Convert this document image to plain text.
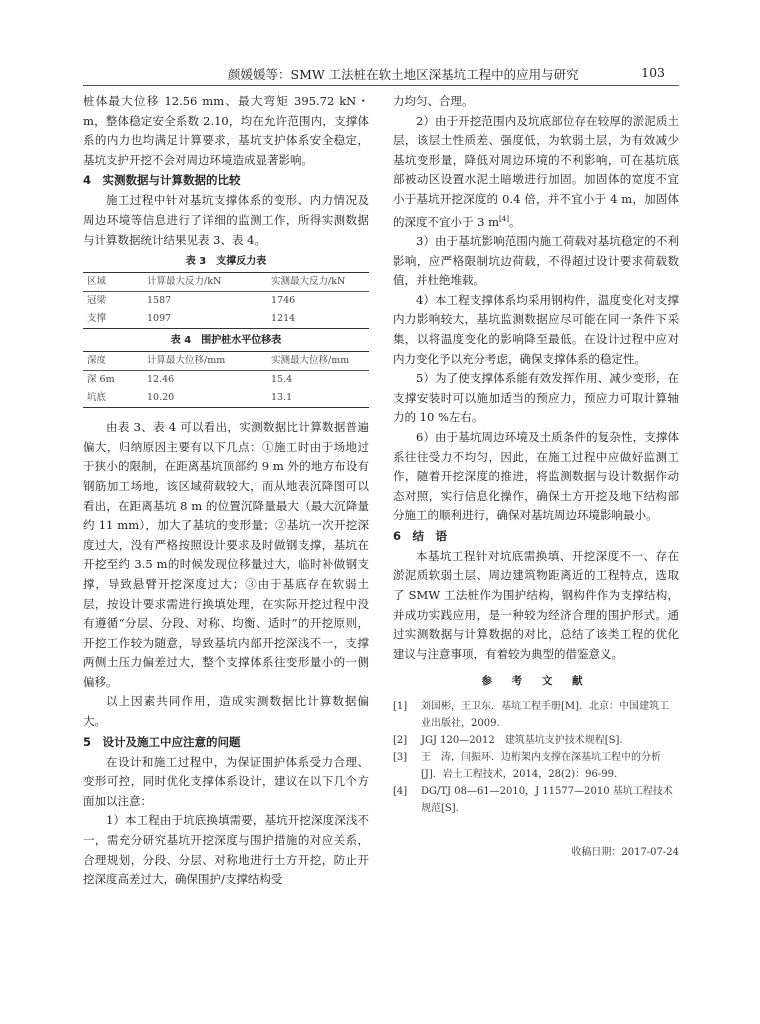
颜媛媛等：SMW 工法桩在软土地区深基坑工程中的应用与研究	103

桩体最大位移 12.56 mm、最大弯矩 395.72 kN・m，整体稳定安全系数 2.10，均在允许范围内，支撑体系的内力也均满足计算要求，基坑支护体系安全稳定，基坑支护开挖不会对周边环境造成显著影响。

4　实测数据与计算数据的比较

施工过程中针对基坑支撑体系的变形、内力情况及周边环境等信息进行了详细的监测工作，所得实测数据与计算数据统计结果见表 3、表 4。

表 3　支撑反力表
区域	计算最大反力/kN	实测最大反力/kN
冠梁	1587	1746
支撑	1097	1214
表 4　围护桩水平位移表
深度	计算最大位移/mm	实测最大位移/mm
深 6m	12.46	15.4
坑底	10.20	13.1

由表 3、表 4 可以看出，实测数据比计算数据普遍偏大，归纳原因主要有以下几点：①施工时由于场地过于狭小的限制，在距离基坑顶部约 9 m 外的地方布设有钢筋加工场地，该区域荷载较大，而从地表沉降图可以看出，在距离基坑 8 m 的位置沉降量最大（最大沉降量约 11 mm），加大了基坑的变形量；②基坑一次开挖深度过大，没有严格按照设计要求及时做钢支撑，基坑在开挖至约 3.5 m的时候发现位移量过大，临时补做钢支撑，导致悬臂开挖深度过大；③由于基底存在软弱土层，按设计要求需进行换填处理，在实际开挖过程中没有遵循“分层、分段、对称、均衡、适时”的开挖原则，开挖工作较为随意，导致基坑内部开挖深浅不一，支撑两侧土压力偏差过大，整个支撑体系往变形量小的一侧偏移。

以上因素共同作用，造成实测数据比计算数据偏大。

5　设计及施工中应注意的问题

在设计和施工过程中，为保证围护体系受力合理、变形可控，同时优化支撑体系设计，建议在以下几个方面加以注意：

1）本工程由于坑底换填需要，基坑开挖深度深浅不一，需充分研究基坑开挖深度与围护措施的对应关系，合理规划，分段、分层、对称地进行土方开挖，防止开挖深度高差过大，确保围护/支撑结构受

力均匀、合理。

2）由于开挖范围内及坑底部位存在较厚的淤泥质土层，该层土性质差、强度低，为软弱土层，为有效减少基坑变形量，降低对周边环境的不利影响，可在基坑底部被动区设置水泥土暗墩进行加固。加固体的宽度不宜小于基坑开挖深度的 0.4 倍，并不宜小于 4 m，加固体的深度不宜小于 3 m[4]。

3）由于基坑影响范围内施工荷载对基坑稳定的不利影响，应严格限制坑边荷载，不得超过设计要求荷载数值，并杜绝堆载。

4）本工程支撑体系均采用钢构件，温度变化对支撑内力影响较大，基坑监测数据应尽可能在同一条件下采集，以将温度变化的影响降至最低。在设计过程中应对内力变化予以充分考虑，确保支撑体系的稳定性。

5）为了使支撑体系能有效发挥作用、减少变形，在支撑安装时可以施加适当的预应力，预应力可取计算轴力的 10 %左右。

6）由于基坑周边环境及土质条件的复杂性，支撑体系往往受力不均匀，因此，在施工过程中应做好监测工作，随着开挖深度的推进，将监测数据与设计数据作动态对照，实行信息化操作，确保土方开挖及地下结构部分施工的顺利进行，确保对基坑周边环境影响最小。

6　结　语

本基坑工程针对坑底需换填、开挖深度不一、存在淤泥质软弱土层、周边建筑物距离近的工程特点，选取了 SMW 工法桩作为围护结构，钢构件作为支撑结构，并成功实践应用，是一种较为经济合理的围护形式。通过实测数据与计算数据的对比，总结了该类工程的优化建议与注意事项，有着较为典型的借鉴意义。

参 考 文 献
[1] 刘国彬，王卫东．基坑工程手册[M]．北京：中国建筑工业出版社，2009.
[2] JGJ 120—2012　建筑基坑支护技术规程[S].
[3] 王　涛，闫振环．边桁架内支撑在深基坑工程中的分析[J]．岩土工程技术，2014，28(2)：96-99.
[4] DG/TJ 08—61—2010，J 11577—2010 基坑工程技术规范[S].
收稿日期：2017-07-24
